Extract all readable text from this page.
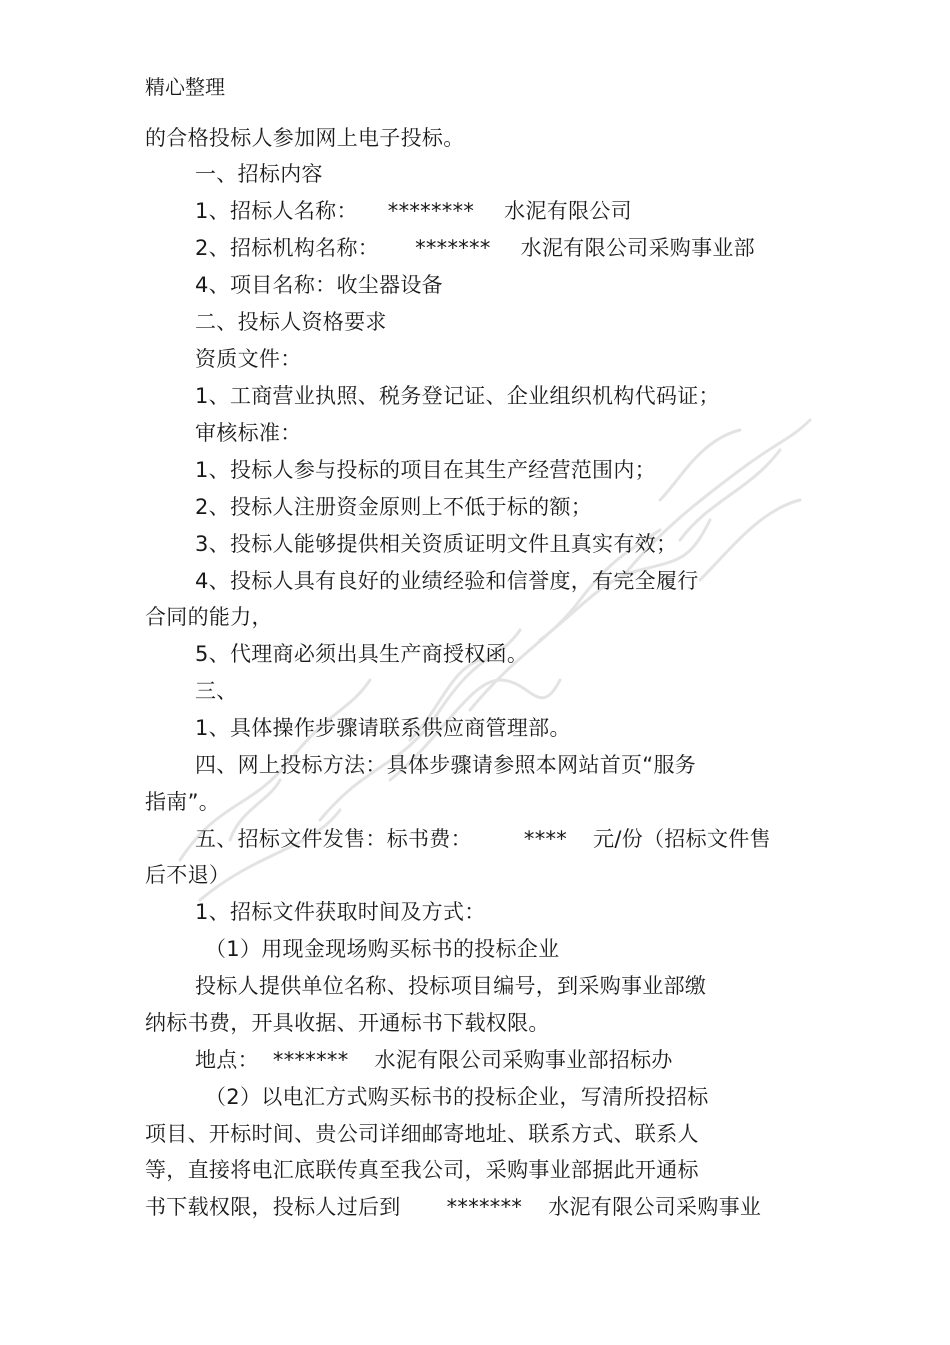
精心整理
的合格投标人参加网上电子投标。
一、招标内容
1、招标人名称： ******** 水泥有限公司
2、招标机构名称： ******* 水泥有限公司采购事业部
4、项目名称：收尘器设备
二、投标人资格要求
资质文件：
1、工商营业执照、税务登记证、企业组织机构代码证；
审核标准：
1、投标人参与投标的项目在其生产经营范围内；
2、投标人注册资金原则上不低于标的额；
3、投标人能够提供相关资质证明文件且真实有效；
4、投标人具有良好的业绩经验和信誉度，有完全履行
合同的能力，
5、代理商必须出具生产商授权函。
三、
1、具体操作步骤请联系供应商管理部。
四、网上投标方法：具体步骤请参照本网站首页“服务
指南”。
五、招标文件发售：标书费： **** 元/份（招标文件售
后不退）
1、招标文件获取时间及方式：
（1）用现金现场购买标书的投标企业
投标人提供单位名称、投标项目编号，到采购事业部缴
纳标书费，开具收据、开通标书下载权限。
地点： ******* 水泥有限公司采购事业部招标办
（2）以电汇方式购买标书的投标企业，写清所投招标
项目、开标时间、贵公司详细邮寄地址、联系方式、联系人
等，直接将电汇底联传真至我公司，采购事业部据此开通标
书下载权限，投标人过后到 ******* 水泥有限公司采购事业
